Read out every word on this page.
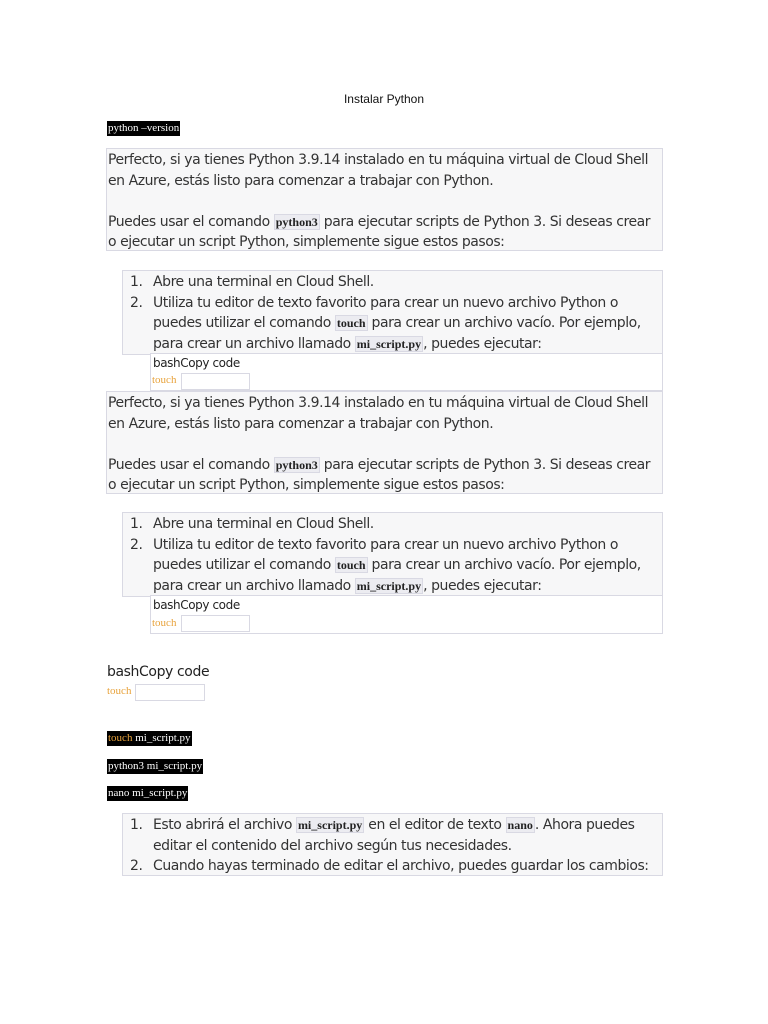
Instalar Python
python –version

Perfecto, si ya tienes Python 3.9.14 instalado en tu máquina virtual de Cloud Shell en Azure, estás listo para comenzar a trabajar con Python.

Puedes usar el comando python3 para ejecutar scripts de Python 3. Si deseas crear o ejecutar un script Python, simplemente sigue estos pasos:

1. Abre una terminal en Cloud Shell.
2. Utiliza tu editor de texto favorito para crear un nuevo archivo Python o puedes utilizar el comando touch para crear un archivo vacío. Por ejemplo, para crear un archivo llamado mi_script.py , puedes ejecutar:
bashCopy code
touch

Perfecto, si ya tienes Python 3.9.14 instalado en tu máquina virtual de Cloud Shell en Azure, estás listo para comenzar a trabajar con Python.

Puedes usar el comando python3 para ejecutar scripts de Python 3. Si deseas crear o ejecutar un script Python, simplemente sigue estos pasos:

1. Abre una terminal en Cloud Shell.
2. Utiliza tu editor de texto favorito para crear un nuevo archivo Python o puedes utilizar el comando touch para crear un archivo vacío. Por ejemplo, para crear un archivo llamado mi_script.py , puedes ejecutar:
bashCopy code
touch
bashCopy code
touch
touch mi_script.py
python3 mi_script.py
nano mi_script.py
1. Esto abrirá el archivo mi_script.py en el editor de texto nano . Ahora puedes editar el contenido del archivo según tus necesidades.
2. Cuando hayas terminado de editar el archivo, puedes guardar los cambios:
